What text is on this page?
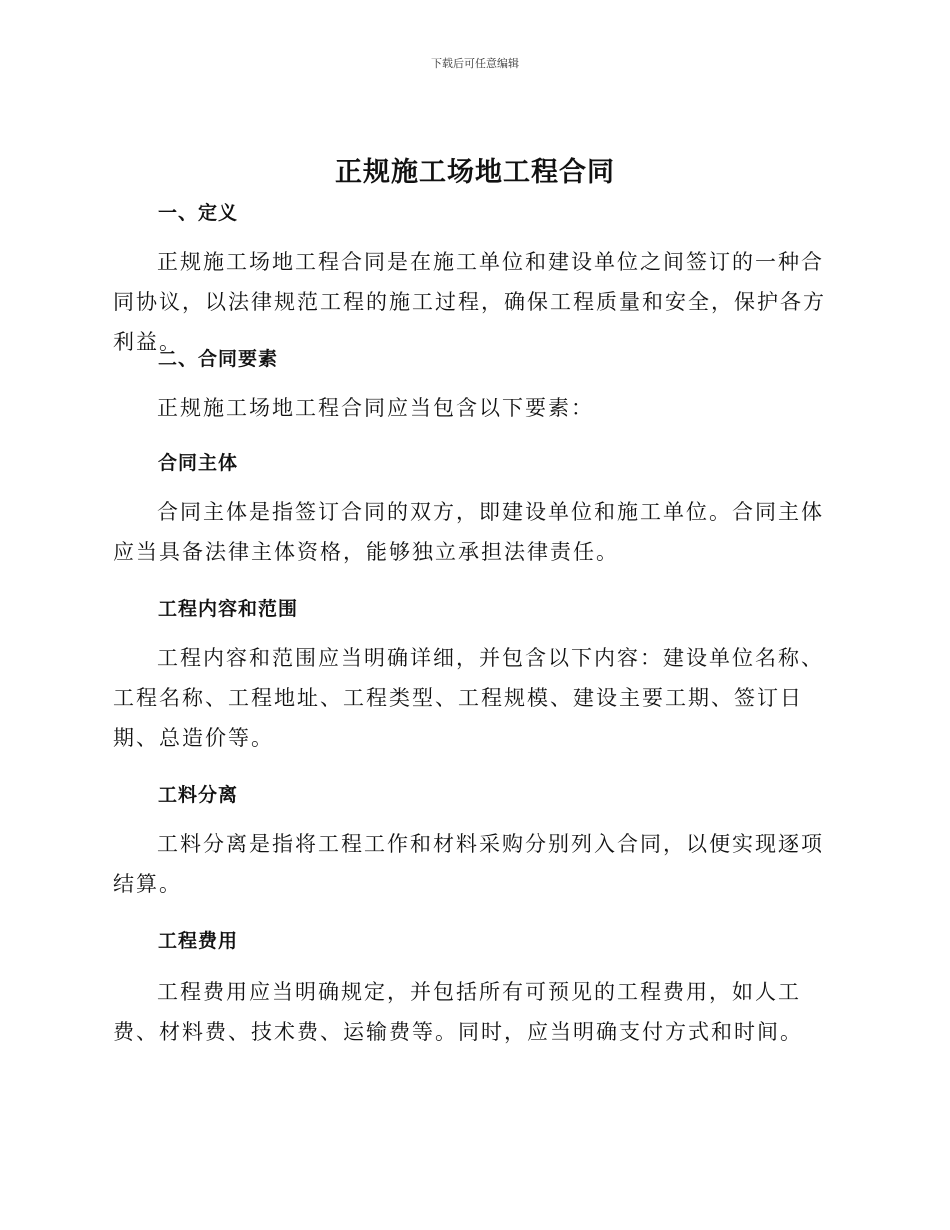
下载后可任意编辑
正规施工场地工程合同
一、定义
正规施工场地工程合同是在施工单位和建设单位之间签订的一种合同协议，以法律规范工程的施工过程，确保工程质量和安全，保护各方利益。
二、合同要素
正规施工场地工程合同应当包含以下要素：
合同主体
合同主体是指签订合同的双方，即建设单位和施工单位。合同主体应当具备法律主体资格，能够独立承担法律责任。
工程内容和范围
工程内容和范围应当明确详细，并包含以下内容：建设单位名称、工程名称、工程地址、工程类型、工程规模、建设主要工期、签订日期、总造价等。
工料分离
工料分离是指将工程工作和材料采购分别列入合同，以便实现逐项结算。
工程费用
工程费用应当明确规定，并包括所有可预见的工程费用，如人工费、材料费、技术费、运输费等。同时，应当明确支付方式和时间。
